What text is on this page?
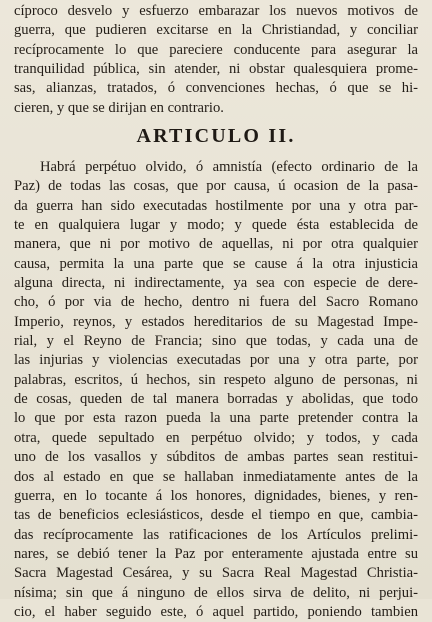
cíproco desvelo y esfuerzo embarazar los nuevos motivos de
guerra, que pudieren excitarse en la Christiandad, y conciliar
recíprocamente lo que pareciere conducente para asegurar la
tranquilidad pública, sin atender, ni obstar qualesquiera prome-
sas, alianzas, tratados, ó convenciones hechas, ó que se hi-
cieren, y que se dirijan en contrario.
ARTICULO II.
Habrá perpétuo olvido, ó amnistía (efecto ordinario de la
Paz) de todas las cosas, que por causa, ú ocasion de la pasa-
da guerra han sido executadas hostilmente por una y otra par-
te en qualquiera lugar y modo; y quede ésta establecida de
manera, que ni por motivo de aquellas, ni por otra qualquier
causa, permita la una parte que se cause á la otra injusticia
alguna directa, ni indirectamente, ya sea con especie de dere-
cho, ó por via de hecho, dentro ni fuera del Sacro Romano
Imperio, reynos, y estados hereditarios de su Magestad Impe-
rial, y el Reyno de Francia; sino que todas, y cada una de
las injurias y violencias executadas por una y otra parte, por
palabras, escritos, ú hechos, sin respeto alguno de personas, ni
de cosas, queden de tal manera borradas y abolidas, que todo
lo que por esta razon pueda la una parte pretender contra la
otra, quede sepultado en perpétuo olvido; y todos, y cada
uno de los vasallos y súbditos de ambas partes sean restitui-
dos al estado en que se hallaban inmediatamente antes de la
guerra, en lo tocante á los honores, dignidades, bienes, y ren-
tas de beneficios eclesiásticos, desde el tiempo en que, cambia-
das recíprocamente las ratificaciones de los Artículos prelimi-
nares, se debió tener la Paz por enteramente ajustada entre su
Sacra Magestad Cesárea, y su Sacra Real Magestad Christia-
nísima; sin que á ninguno de ellos sirva de delito, ni perjui-
cio, el haber seguido este, ó aquel partido, poniendo tambien
